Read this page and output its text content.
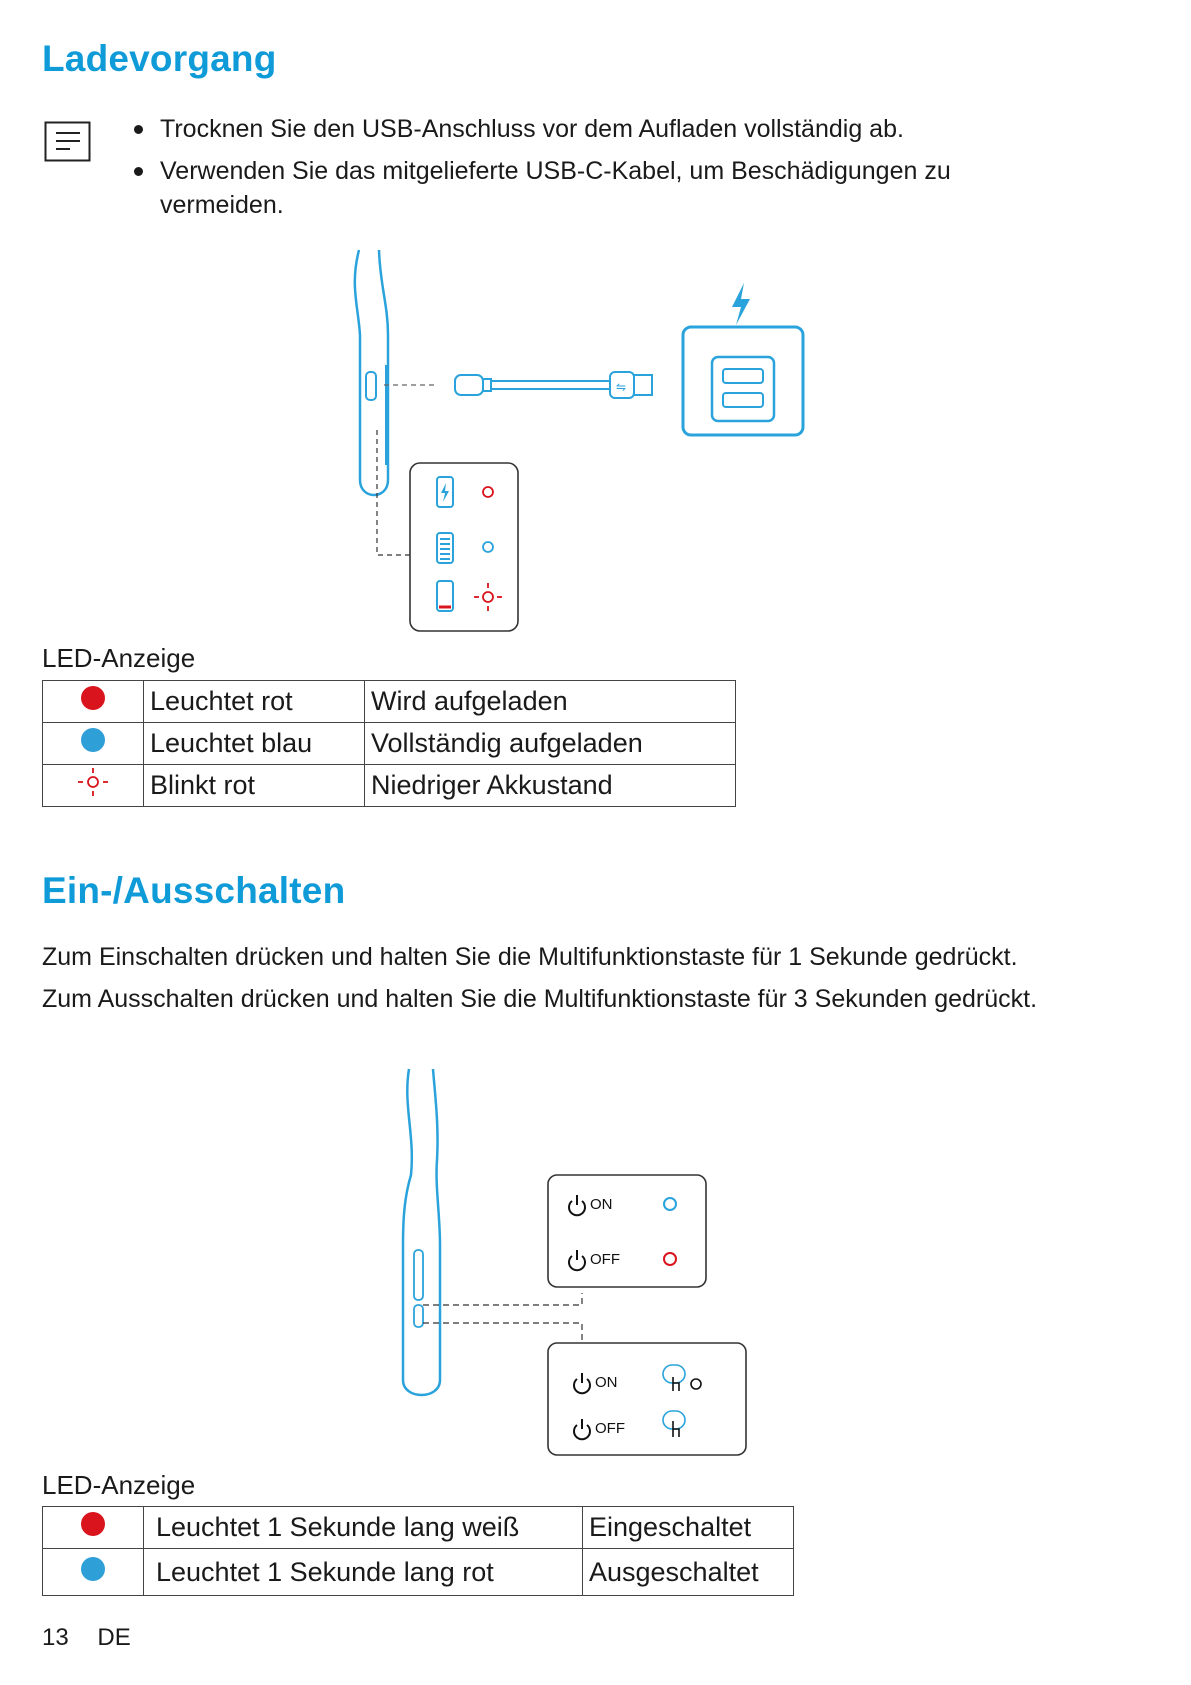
Ladevorgang
Trocknen Sie den USB-Anschluss vor dem Aufladen vollständig ab.
Verwenden Sie das mitgelieferte USB-C-Kabel, um Beschädigungen zu vermeiden.
⇋
LED-Anzeige
	Leuchtet rot	Wird aufgeladen
	Leuchtet blau	Vollständig aufgeladen
	Blinkt rot	Niedriger Akkustand
Ein-/Ausschalten
Zum Einschalten drücken und halten Sie die Multifunktionstaste für 1 Sekunde gedrückt.
Zum Ausschalten drücken und halten Sie die Multifunktionstaste für 3 Sekunden gedrückt.
ON
OFF
ON
OFF
LED-Anzeige
	Leuchtet 1 Sekunde lang weiß	Eingeschaltet
	Leuchtet 1 Sekunde lang rot	Ausgeschaltet
13 DE
